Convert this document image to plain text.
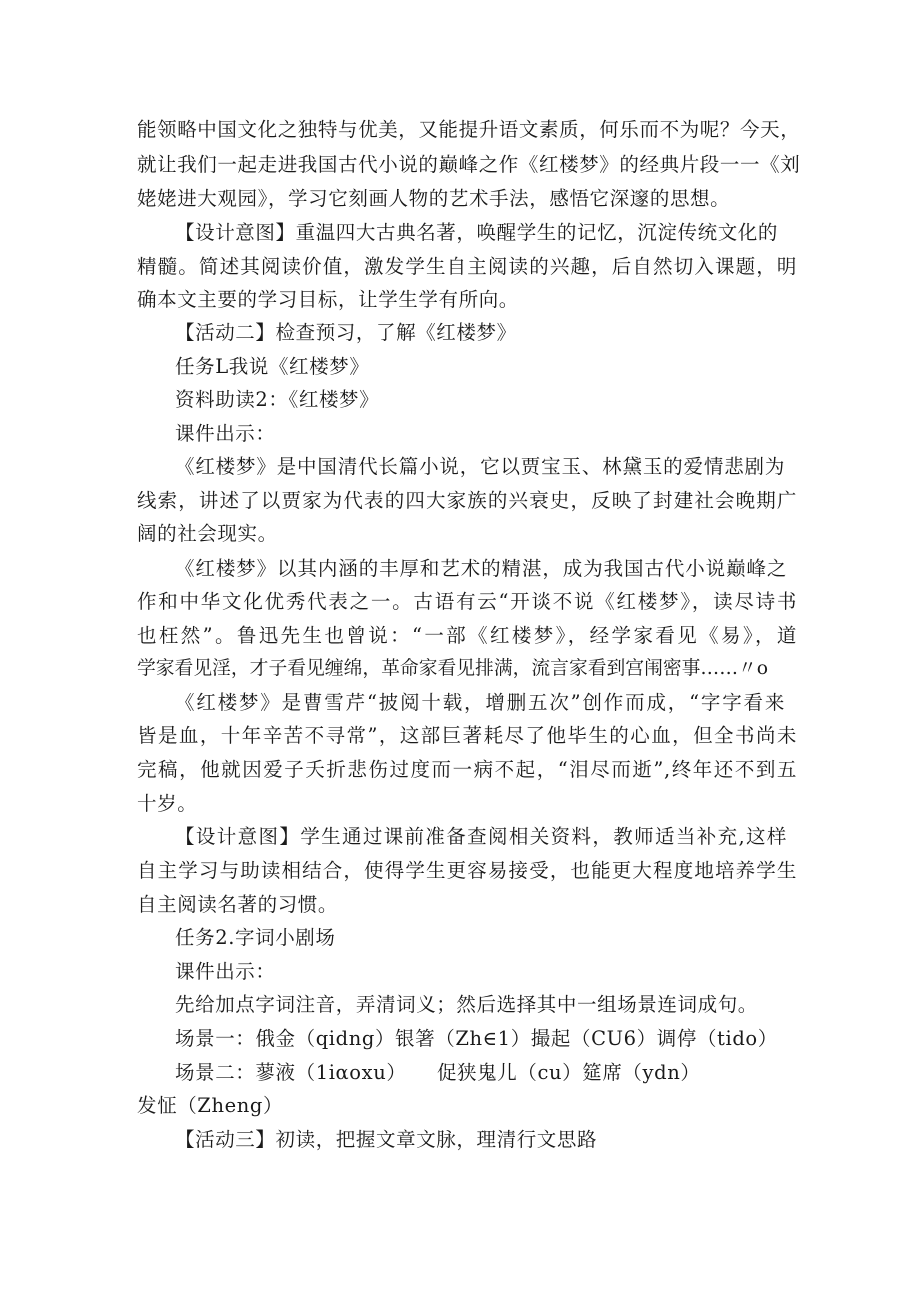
能领略中国文化之独特与优美，又能提升语文素质，何乐而不为呢？今天，
就让我们一起走进我国古代小说的巅峰之作《红楼梦》的经典片段一一《刘
姥姥进大观园》，学习它刻画人物的艺术手法，感悟它深邃的思想。
【设计意图】重温四大古典名著，唤醒学生的记忆，沉淀传统文化的
精髓。简述其阅读价值，激发学生自主阅读的兴趣，后自然切入课题，明
确本文主要的学习目标，让学生学有所向。
【活动二】检查预习，了解《红楼梦》
任务L我说《红楼梦》
资料助读2：《红楼梦》
课件出示：
《红楼梦》是中国清代长篇小说，它以贾宝玉、林黛玉的爱情悲剧为
线索，讲述了以贾家为代表的四大家族的兴衰史，反映了封建社会晚期广
阔的社会现实。
《红楼梦》以其内涵的丰厚和艺术的精湛，成为我国古代小说巅峰之
作和中华文化优秀代表之一。古语有云“开谈不说《红楼梦》，读尽诗书
也枉然”。鲁迅先生也曾说：“一部《红楼梦》，经学家看见《易》，道
学家看见淫，才子看见缠绵，革命家看见排满，流言家看到宫闱密事……〃o
《红楼梦》是曹雪芹“披阅十载，增删五次”创作而成，“字字看来
皆是血，十年辛苦不寻常”，这部巨著耗尽了他毕生的心血，但全书尚未
完稿，他就因爱子夭折悲伤过度而一病不起，“泪尽而逝”,终年还不到五
十岁。
【设计意图】学生通过课前准备查阅相关资料，教师适当补充,这样
自主学习与助读相结合，使得学生更容易接受，也能更大程度地培养学生
自主阅读名著的习惯。
任务2.字词小剧场
课件出示：
先给加点字词注音，弄清词义；然后选择其中一组场景连词成句。
场景一：俄金（qidng）银箸（Zh∈1）撮起（CU6）调停（tido）
场景二：蓼液（1iαoxu）　　促狭鬼儿（cu）筵席（ydn）
发怔（Zheng）
【活动三】初读，把握文章文脉，理清行文思路
